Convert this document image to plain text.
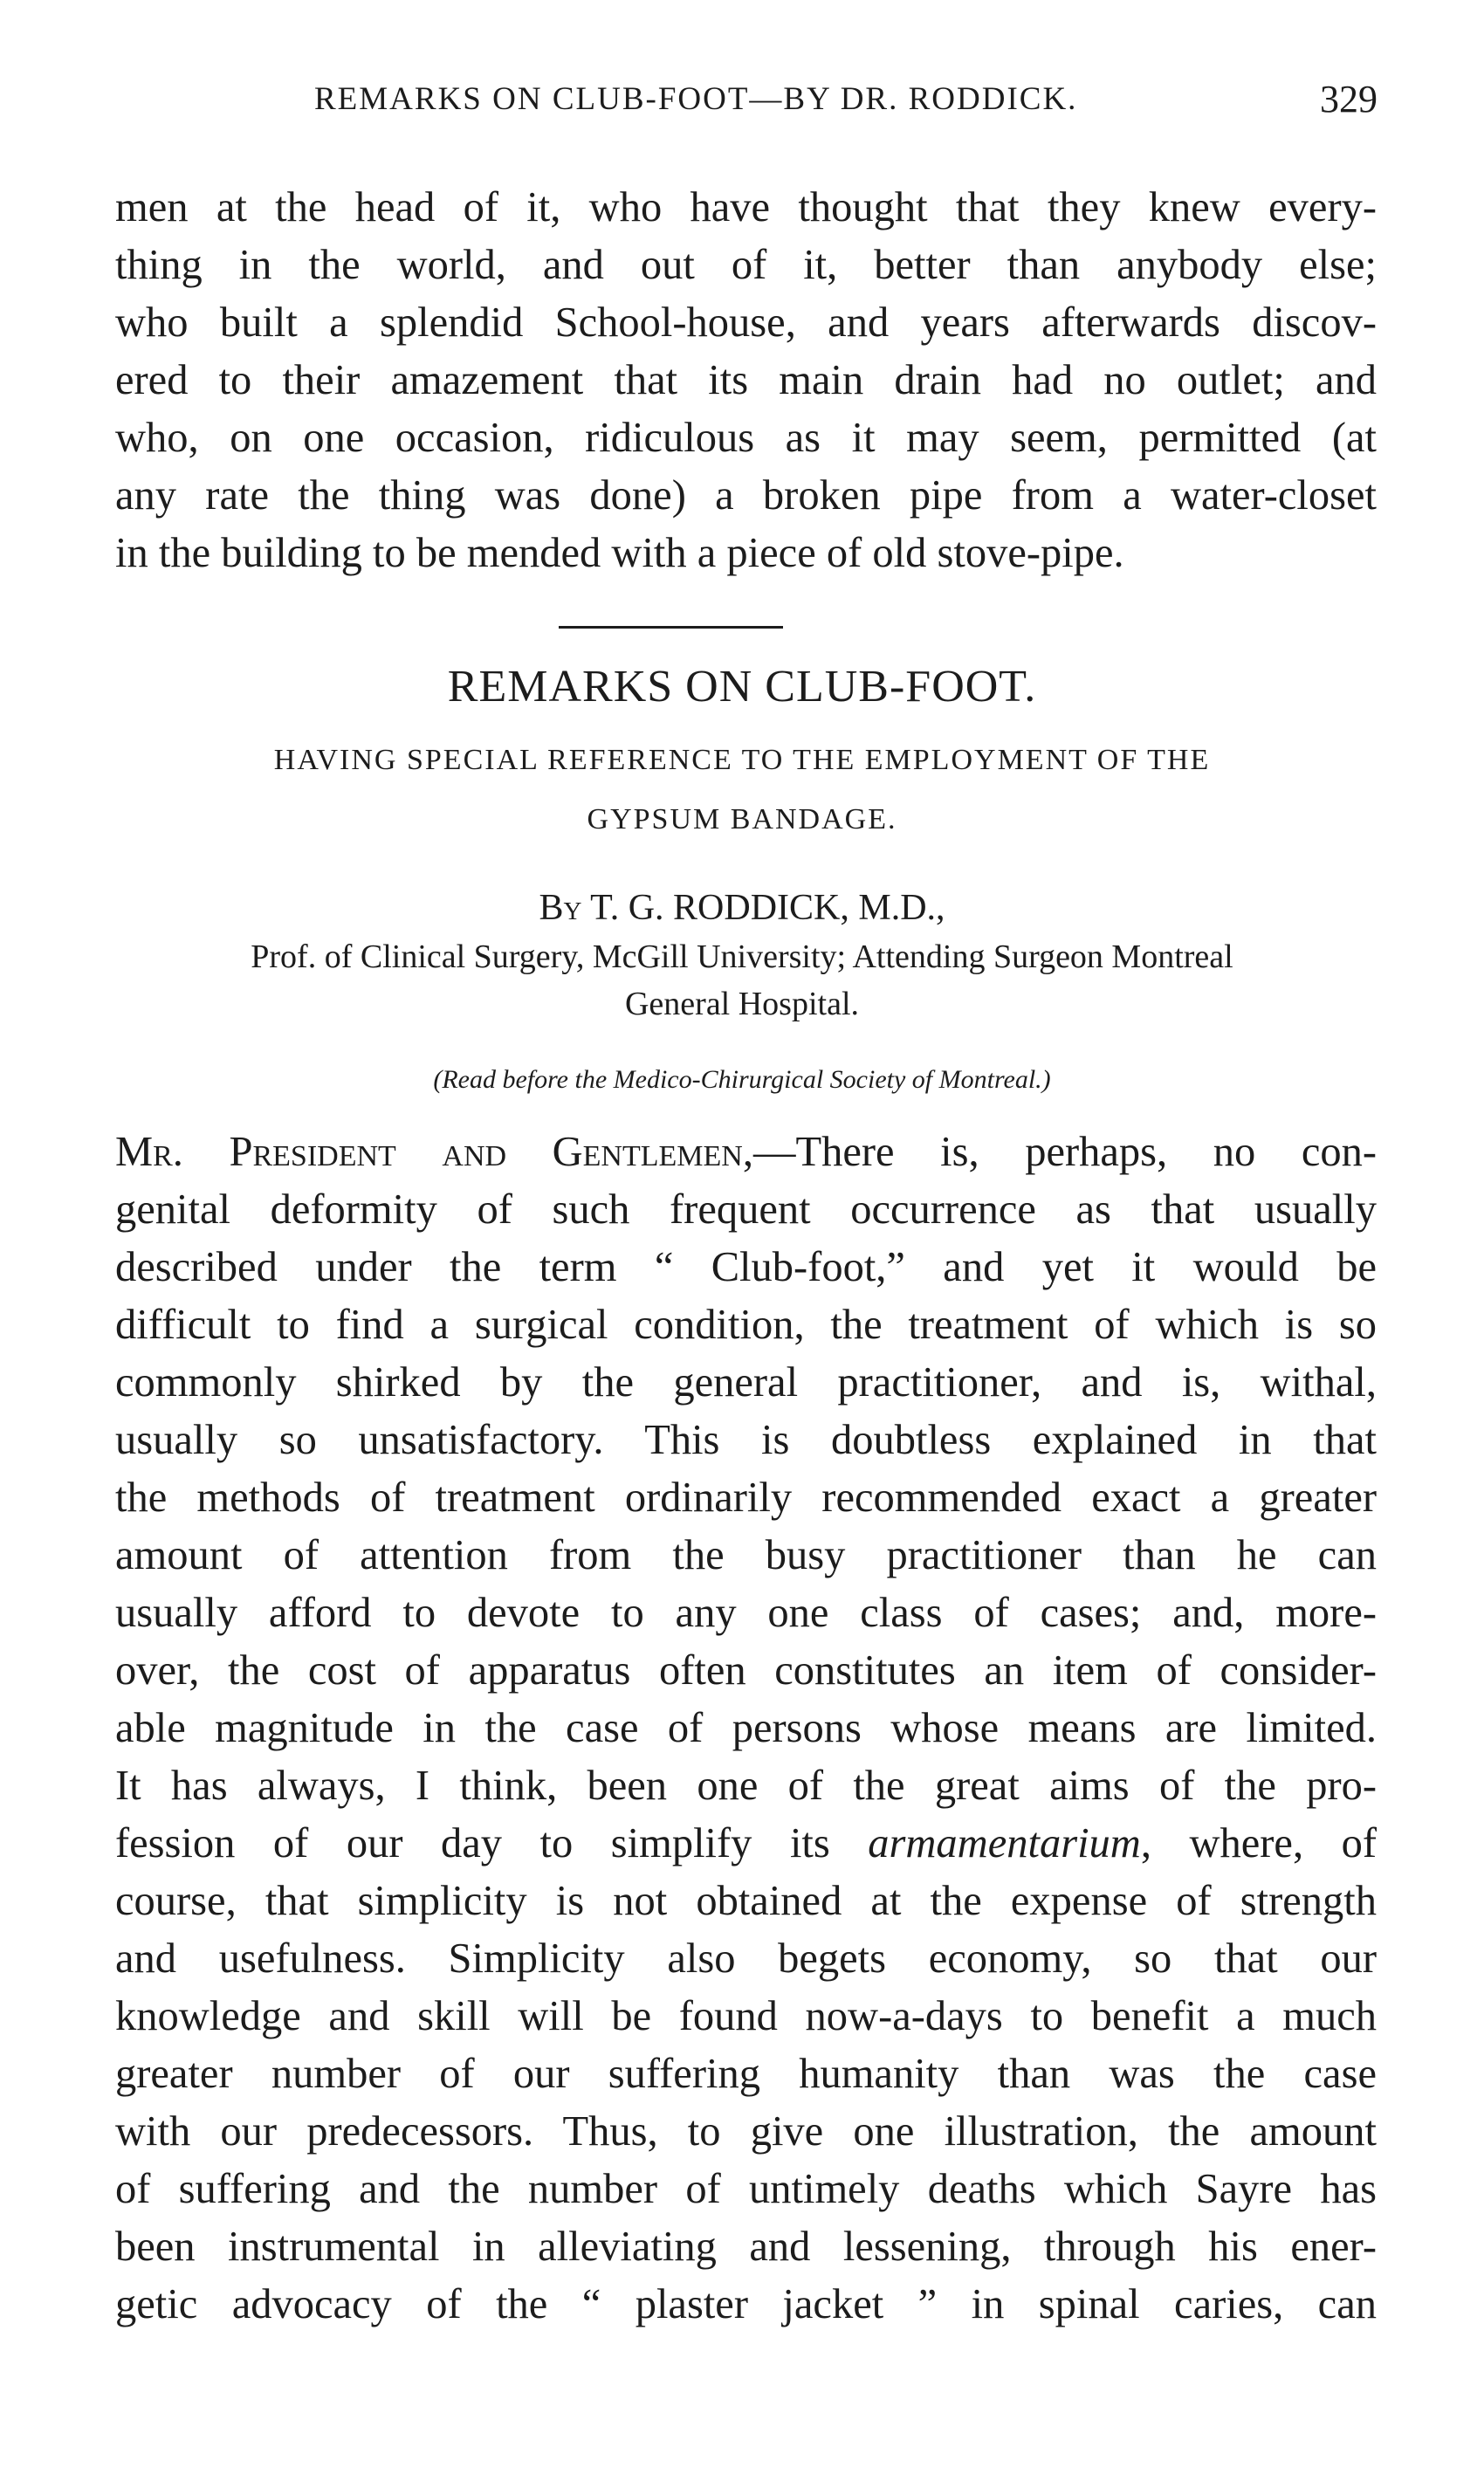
REMARKS ON CLUB-FOOT—BY DR. RODDICK.	329
men at the head of it, who have thought that they knew every-
thing in the world, and out of it, better than anybody else;
who built a splendid School-house, and years afterwards discov-
ered to their amazement that its main drain had no outlet; and
who, on one occasion, ridiculous as it may seem, permitted (at
any rate the thing was done) a broken pipe from a water-closet
in the building to be mended with a piece of old stove-pipe.
REMARKS ON CLUB-FOOT.
HAVING SPECIAL REFERENCE TO THE EMPLOYMENT OF THE
GYPSUM BANDAGE.
By T. G. RODDICK, M.D.,
Prof. of Clinical Surgery, McGill University; Attending Surgeon Montreal
General Hospital.
(Read before the Medico-Chirurgical Society of Montreal.)
Mr. President and Gentlemen,—There is, perhaps, no con-
genital deformity of such frequent occurrence as that usually
described under the term “ Club-foot,” and yet it would be
difficult to find a surgical condition, the treatment of which is so
commonly shirked by the general practitioner, and is, withal,
usually so unsatisfactory. This is doubtless explained in that
the methods of treatment ordinarily recommended exact a greater
amount of attention from the busy practitioner than he can
usually afford to devote to any one class of cases; and, more-
over, the cost of apparatus often constitutes an item of consider-
able magnitude in the case of persons whose means are limited.
It has always, I think, been one of the great aims of the pro-
fession of our day to simplify its armamentarium, where, of
course, that simplicity is not obtained at the expense of strength
and usefulness. Simplicity also begets economy, so that our
knowledge and skill will be found now-a-days to benefit a much
greater number of our suffering humanity than was the case
with our predecessors. Thus, to give one illustration, the amount
of suffering and the number of untimely deaths which Sayre has
been instrumental in alleviating and lessening, through his ener-
getic advocacy of the “ plaster jacket ” in spinal caries, can
